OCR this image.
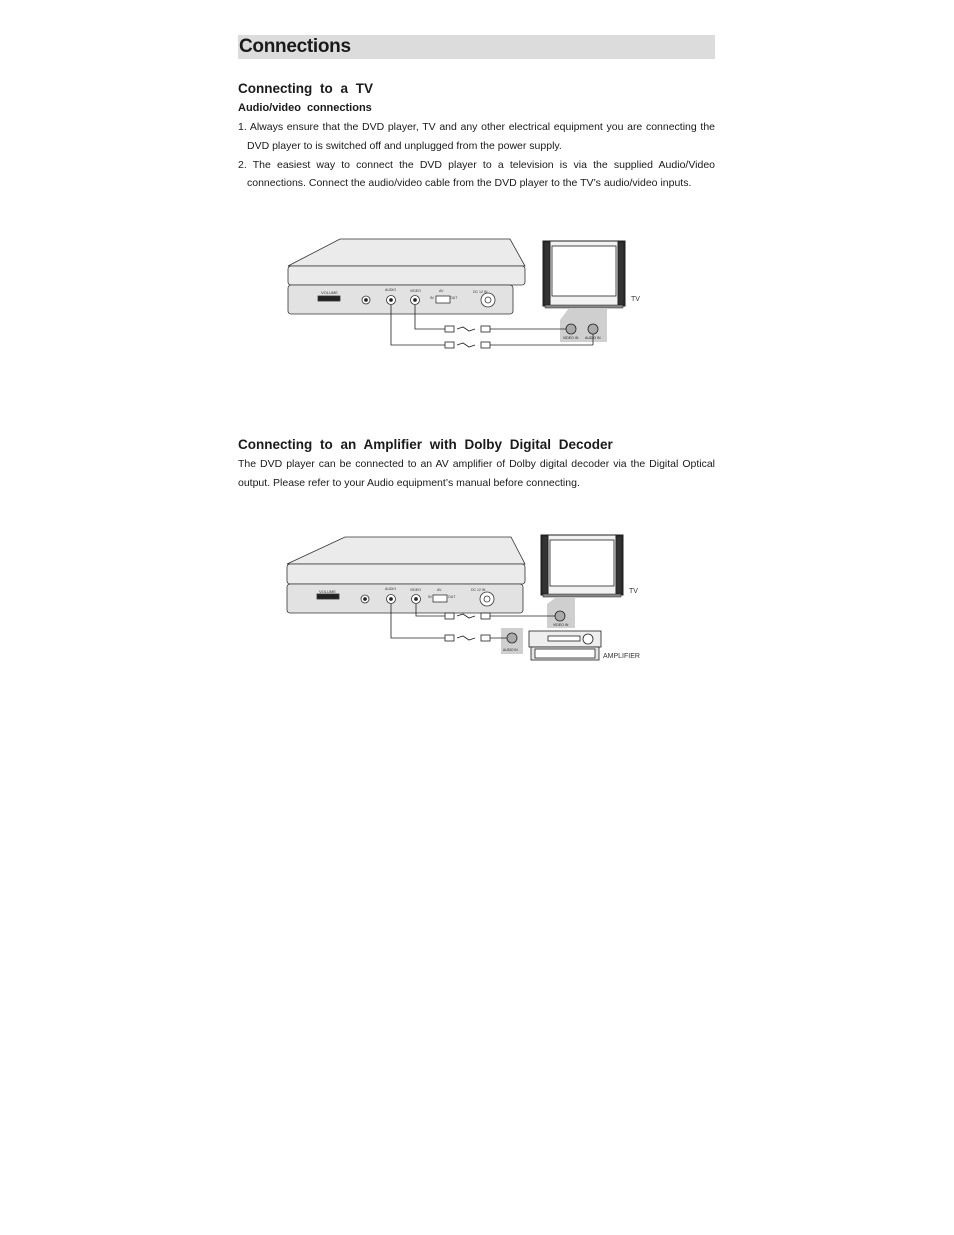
Connections
Connecting to a TV
Audio/video connections
1. Always ensure that the DVD player, TV and any other electrical equipment you are connecting the DVD player to is switched off and unplugged from the power supply.
2. The easiest way to connect the DVD player to a television is via the supplied Audio/Video connections. Connect the audio/video cable from the DVD player to the TV’s audio/video inputs.
Connecting to an Amplifier with Dolby Digital Decoder

The DVD player can be connected to an AV amplifier of Dolby digital decoder via the Digital Optical output. Please refer to your Audio equipment’s manual before connecting.

VOLUME	AUDIO	VIDEO	AV
IN	OUT
DC 12 IN
TV
VIDEO IN AUDIO IN
VOLUME	AUDIO	VIDEO	AV
IN	OUT
DC 12 IN	TV
VIDEO IN
AUDIO IN
AMPLIFIER
